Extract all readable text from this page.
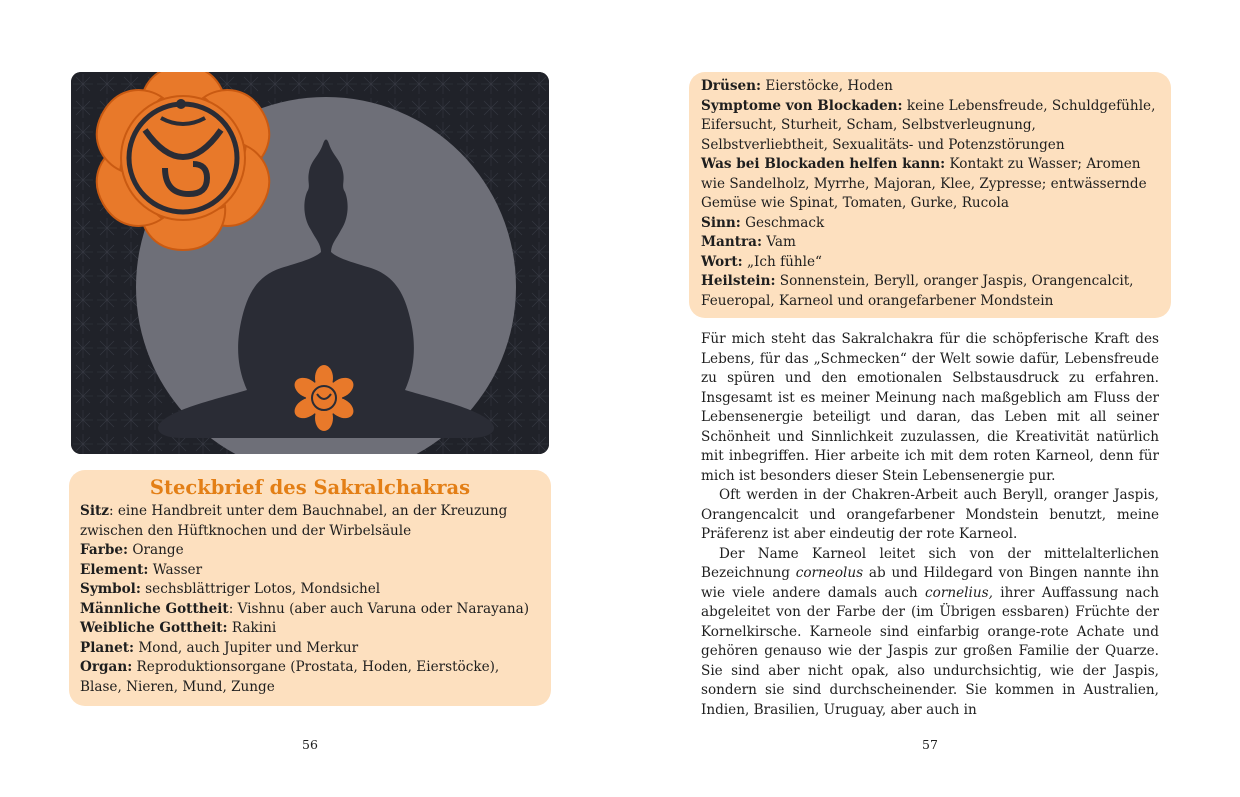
Steckbrief des Sakralchakras
Sitz: eine Handbreit unter dem Bauchnabel, an der Kreuzung zwischen den Hüftknochen und der Wirbelsäule
Farbe: Orange
Element: Wasser
Symbol: sechsblättriger Lotos, Mondsichel
Männliche Gottheit: Vishnu (aber auch Varuna oder Narayana)
Weibliche Gottheit: Rakini
Planet: Mond, auch Jupiter und Merkur
Organ: Reproduktionsorgane (Prostata, Hoden, Eierstöcke), Blase, Nieren, Mund, Zunge
56
Drüsen: Eierstöcke, Hoden
Symptome von Blockaden: keine Lebensfreude, Schuldgefühle, Eifersucht, Sturheit, Scham, Selbstverleugnung, Selbstverliebtheit, Sexualitäts- und Potenzstörungen
Was bei Blockaden helfen kann: Kontakt zu Wasser; Aromen wie Sandelholz, Myrrhe, Majoran, Klee, Zypresse; entwässernde Gemüse wie Spinat, Tomaten, Gurke, Rucola
Sinn: Geschmack
Mantra: Vam
Wort: „Ich fühle“
Heilstein: Sonnenstein, Beryll, oranger Jaspis, Orangencalcit, Feueropal, Karneol und orangefarbener Mondstein

Für mich steht das Sakralchakra für die schöpferische Kraft des Lebens, für das „Schmecken“ der Welt sowie dafür, Lebensfreude zu spüren und den emotionalen Selbstausdruck zu erfahren. Insgesamt ist es meiner Meinung nach maßgeblich am Fluss der Lebensenergie beteiligt und daran, das Leben mit all seiner Schönheit und Sinnlichkeit zuzulassen, die Kreativität natürlich mit inbegriffen. Hier arbeite ich mit dem roten Karneol, denn für mich ist besonders dieser Stein Lebensenergie pur.

Oft werden in der Chakren-Arbeit auch Beryll, oranger Jaspis, Orangencalcit und orangefarbener Mondstein benutzt, meine Präferenz ist aber eindeutig der rote Karneol.

Der Name Karneol leitet sich von der mittelalterlichen Bezeichnung corneolus ab und Hildegard von Bingen nannte ihn wie viele andere damals auch cornelius, ihrer Auffassung nach abgeleitet von der Farbe der (im Übrigen essbaren) Früchte der Kornelkirsche. Karneole sind einfarbig orange-rote Achate und gehören genauso wie der Jaspis zur großen Familie der Quarze. Sie sind aber nicht opak, also undurchsichtig, wie der Jaspis, sondern sie sind durchscheinender. Sie kommen in Australien, Indien, Brasilien, Uruguay, aber auch in

57
